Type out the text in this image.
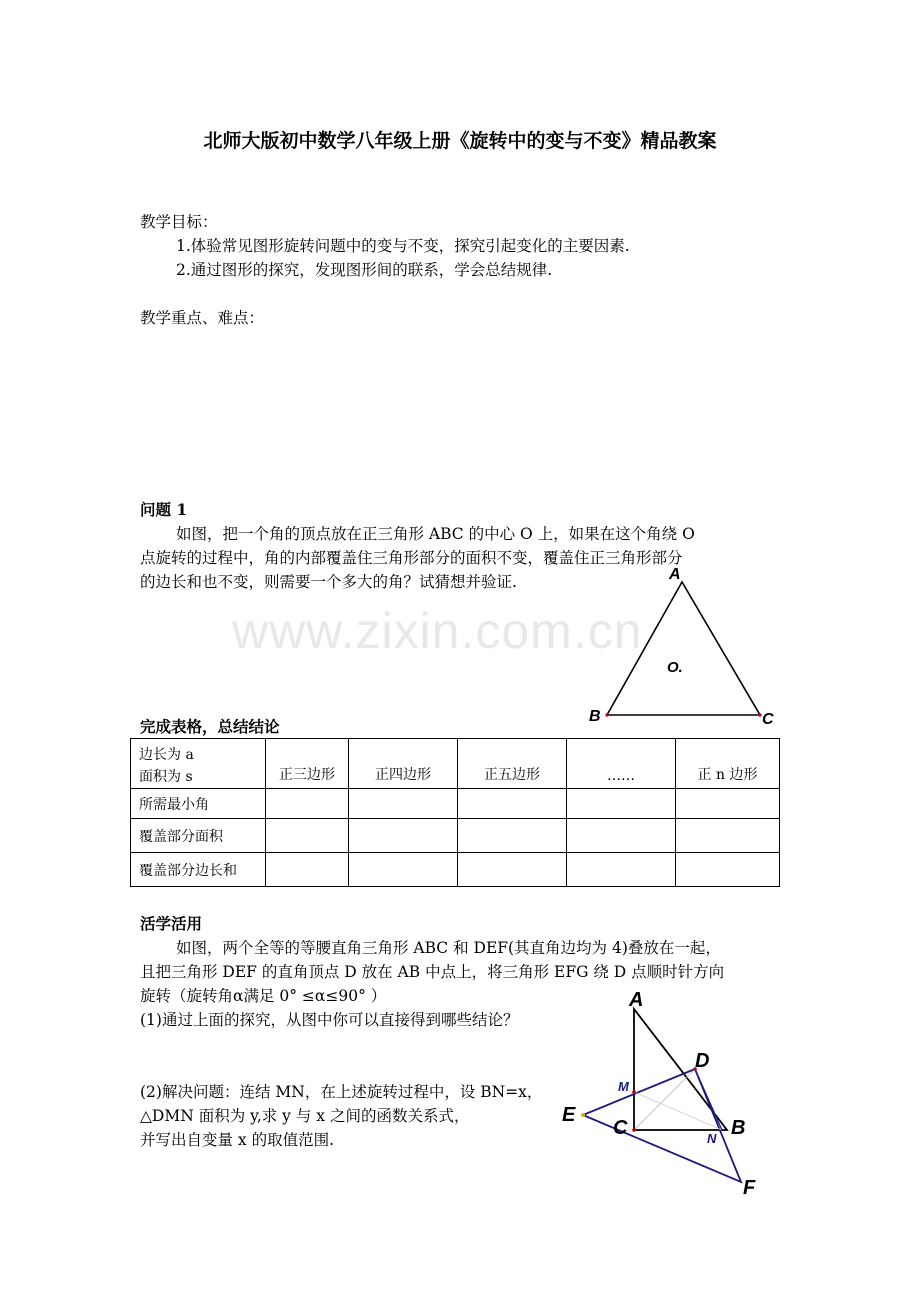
北师大版初中数学八年级上册《旋转中的变与不变》精品教案
教学目标：
1.体验常见图形旋转问题中的变与不变，探究引起变化的主要因素.
2.通过图形的探究，发现图形间的联系，学会总结规律.
教学重点、难点：
问题 1
如图，把一个角的顶点放在正三角形 ABC 的中心 O 上，如果在这个角绕 O
点旋转的过程中，角的内部覆盖住三角形部分的面积不变，覆盖住正三角形部分
的边长和也不变，则需要一个多大的角？试猜想并验证.
www.zixin.com.cn
A
B	C
O.
完成表格，总结结论
边长为 a
面积为 s	正三边形	正四边形	正五边形	……	正 n 边形
所需最小角					
覆盖部分面积					
覆盖部分边长和					
活学活用
如图，两个全等的等腰直角三角形 ABC 和 DEF(其直角边均为 4)叠放在一起，
且把三角形 DEF 的直角顶点 D 放在 AB 中点上，将三角形 EFG 绕 D 点顺时针方向
旋转（旋转角α满足 0° ≤α≤90° ）
(1)通过上面的探究，从图中你可以直接得到哪些结论？
(2)解决问题：连结 MN，在上述旋转过程中，设 BN=x，
△DMN 面积为 y,求 y 与 x 之间的函数关系式，
并写出自变量 x 的取值范围.
A
D
M
E
C	N B
F
